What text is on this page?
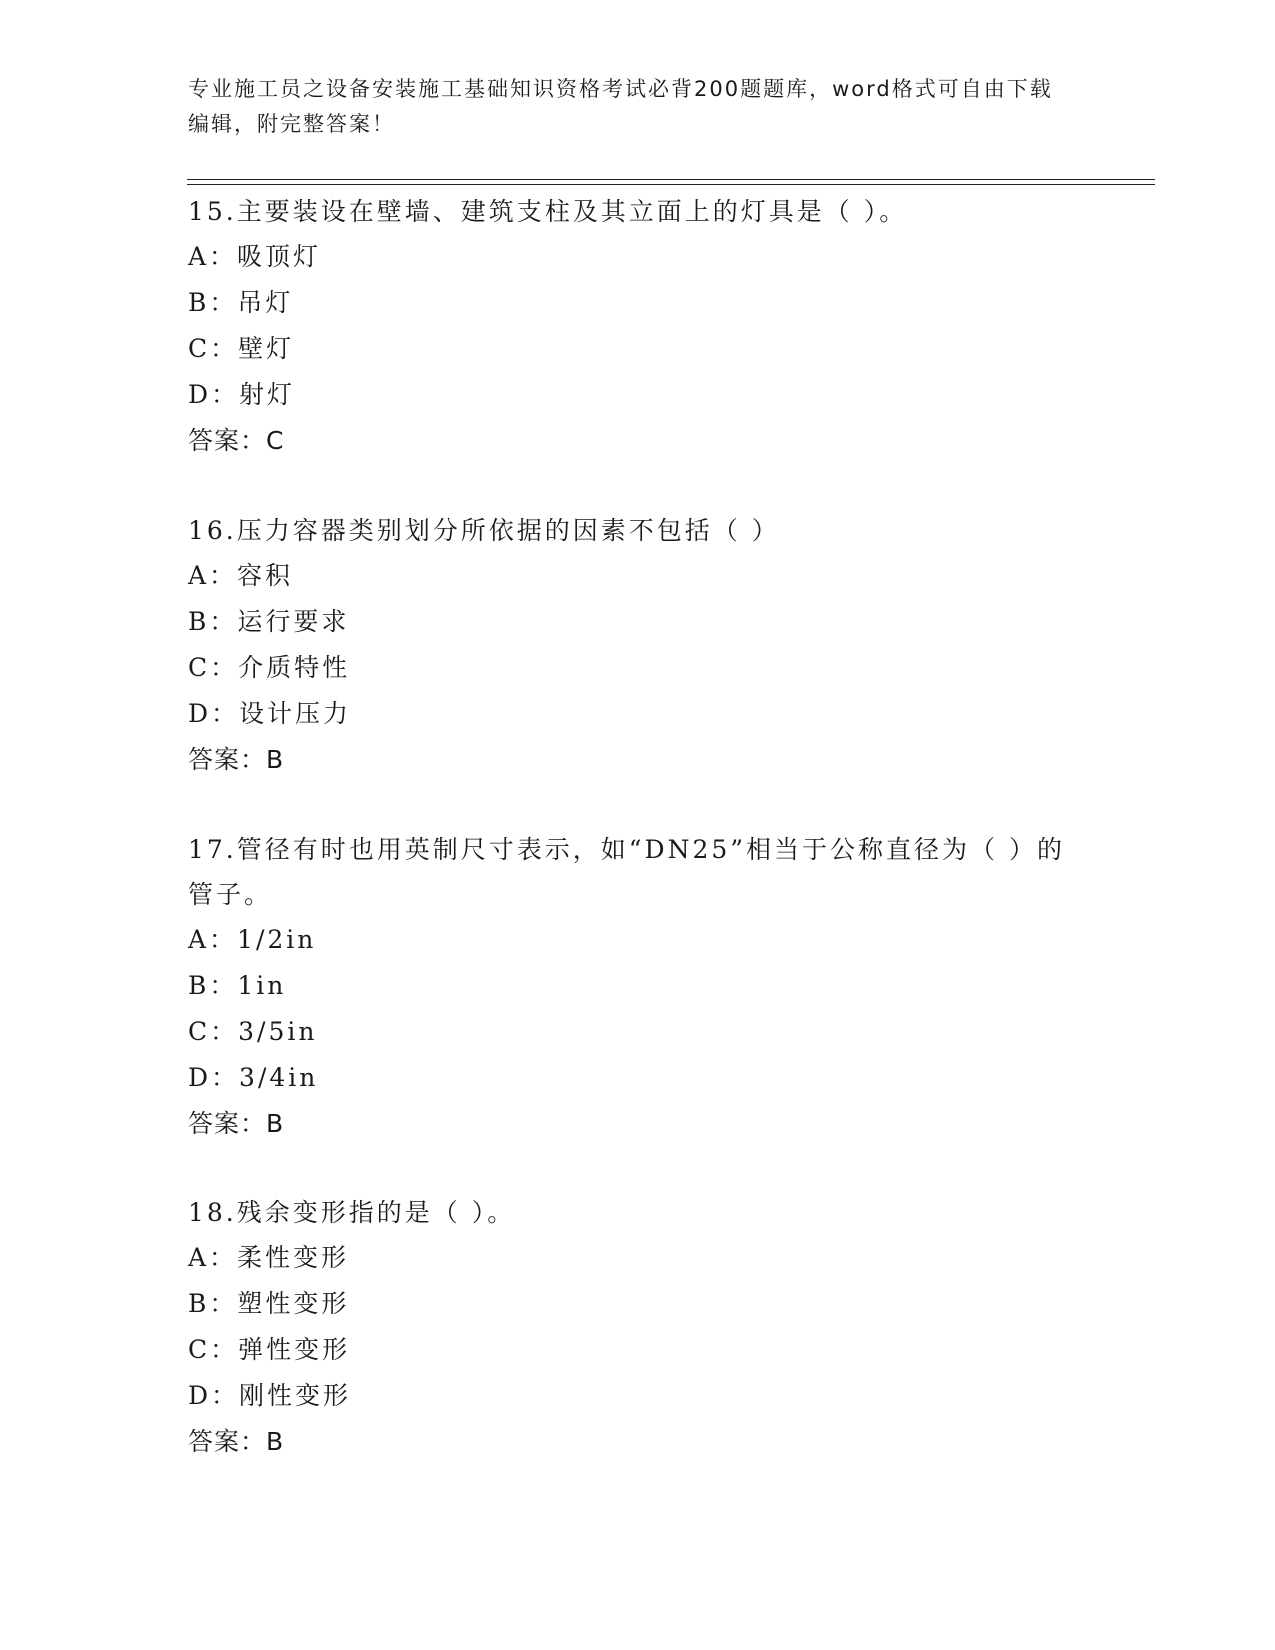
专业施工员之设备安装施工基础知识资格考试必背200题题库，word格式可自由下载编辑，附完整答案！

15.主要装设在壁墙、建筑支柱及其立面上的灯具是（ ）。

A：吸顶灯

B：吊灯

C：壁灯

D：射灯

答案：C

16.压力容器类别划分所依据的因素不包括（ ）

A：容积

B：运行要求

C：介质特性

D：设计压力

答案：B

17.管径有时也用英制尺寸表示，如“DN25”相当于公称直径为（ ）的管子。

A：1/2in

B：1in

C：3/5in

D：3/4in

答案：B

18.残余变形指的是（ ）。

A：柔性变形

B：塑性变形

C：弹性变形

D：刚性变形

答案：B
